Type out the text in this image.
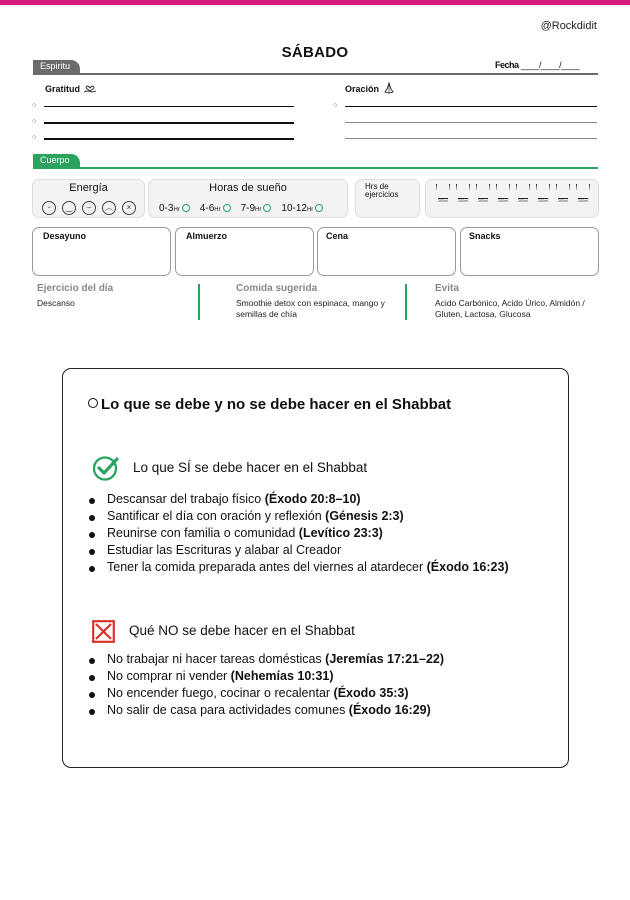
@Rockdidit
SÁBADO
Espiritu	Fecha ____/____/____
Gratitud	Oración
○
○
○
○
Cuerpo
Energía
ᵕ ‿ – ︵ ×
Horas de sueño
0-3Hr 4-6Hr 7-9Hr 10-12Hr
Hrs de ejercicios
250ml	250ml	250ml	250ml	250ml	250ml	250ml	250ml
Desayuno	Almuerzo	Cena	Snacks
Ejercicio del día
Descanso
Comida sugerida
Smoothie detox con espinaca, mango y semillas de chía
Evita
Acido Carbónico, Acido Úrico, Almidón / Gluten, Lactosa, Glucosa
Lo que se debe y no se debe hacer en el Shabbat
Lo que SÍ se debe hacer en el Shabbat
Descansar del trabajo físico (Éxodo 20:8–10)
Santificar el día con oración y reflexión (Génesis 2:3)
Reunirse con familia o comunidad (Levítico 23:3)
Estudiar las Escrituras y alabar al Creador
Tener la comida preparada antes del viernes al atardecer (Éxodo 16:23)
Qué NO se debe hacer en el Shabbat
No trabajar ni hacer tareas domésticas (Jeremías 17:21–22)
No comprar ni vender (Nehemías 10:31)
No encender fuego, cocinar o recalentar (Éxodo 35:3)
No salir de casa para actividades comunes (Éxodo 16:29)
